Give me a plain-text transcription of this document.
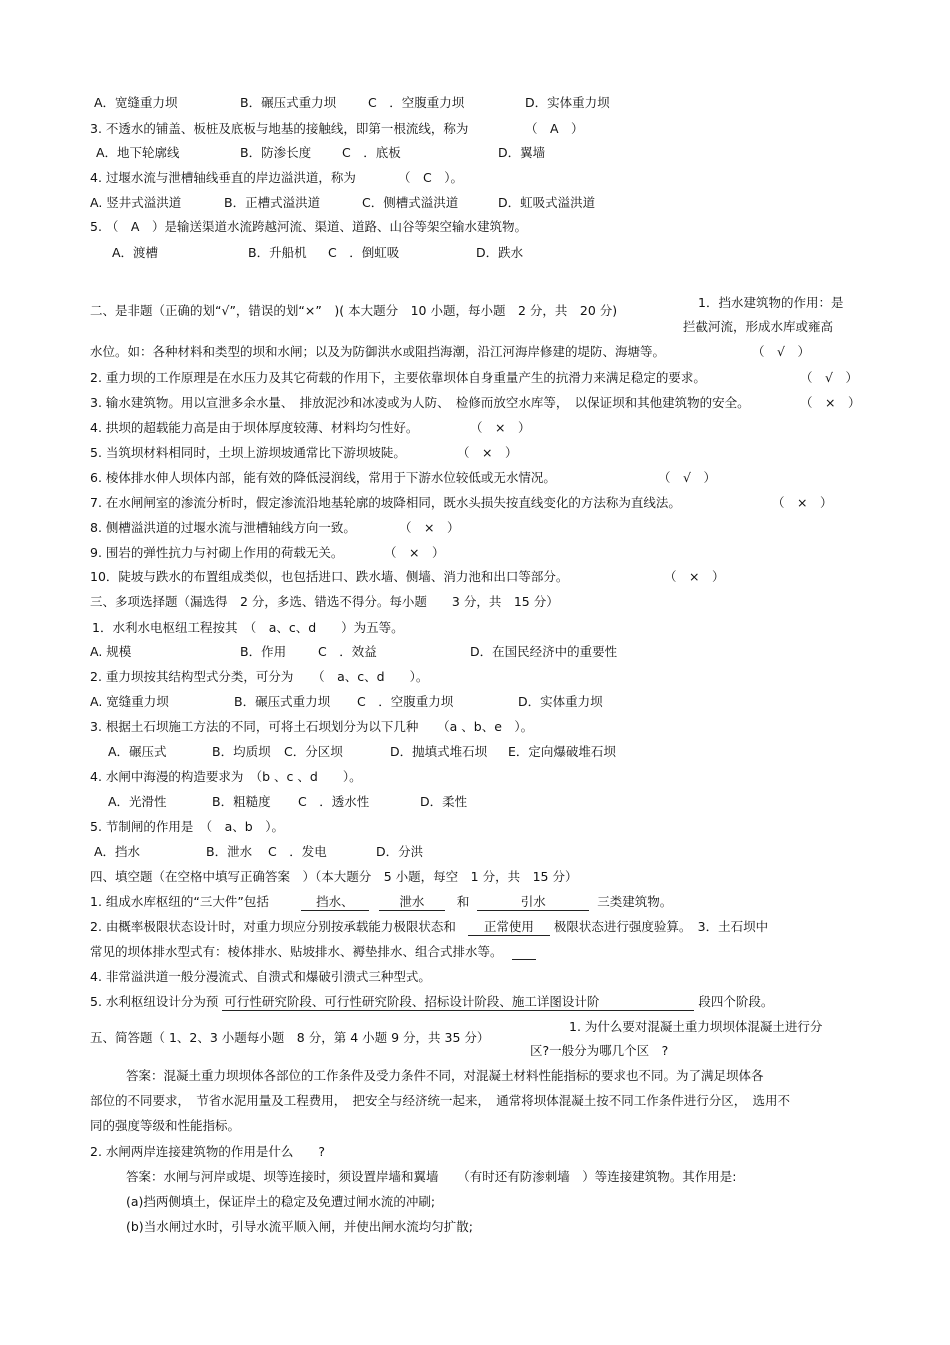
A．宽缝重力坝	B．碾压式重力坝	C　．空腹重力坝	D．实体重力坝
3. 不透水的铺盖、板桩及底板与地基的接触线，即第一根流线，称为	（　A　）
A．地下轮廓线	B．防渗长度 C　．底板	D．翼墙
4. 过堰水流与泄槽轴线垂直的岸边溢洪道，称为	（　C　）。
A. 竖井式溢洪道	B．正槽式溢洪道	C．侧槽式溢洪道	D．虹吸式溢洪道
5. （　A　）是输送渠道水流跨越河流、渠道、道路、山谷等架空输水建筑物。
A．渡槽	B．升船机 C　．倒虹吸	D．跌水
二、是非题（正确的划“√”，错误的划“×”　)( 本大题分　10 小题，每小题　2 分，共　20 分)
1．挡水建筑物的作用：是
拦截河流，形成水库或雍高
水位。如：各种材料和类型的坝和水闸；以及为防御洪水或阻挡海潮，沿江河海岸修建的堤防、海塘等。	（　√　）
2. 重力坝的工作原理是在水压力及其它荷载的作用下，主要依靠坝体自身重量产生的抗滑力来满足稳定的要求。	（　√　）
3. 输水建筑物。用以宣泄多余水量、　排放泥沙和冰凌或为人防、　检修而放空水库等，　以保证坝和其他建筑物的安全。	（　×　）
4. 拱坝的超载能力高是由于坝体厚度较薄、材料均匀性好。	（　×　）
5. 当筑坝材料相同时，土坝上游坝坡通常比下游坝坡陡。	（　×　）
6. 棱体排水伸人坝体内部，能有效的降低浸润线，常用于下游水位较低或无水情况。	（　√　）
7. 在水闸闸室的渗流分析时，假定渗流沿地基轮廓的坡降相同，既水头损失按直线变化的方法称为直线法。	（　×　）
8. 侧槽溢洪道的过堰水流与泄槽轴线方向一致。	（　×　）
9. 围岩的弹性抗力与衬砌上作用的荷载无关。	（　×　）
10．陡坡与跌水的布置组成类似，也包括进口、跌水墙、侧墙、消力池和出口等部分。	（　×　）
三、多项选择题（漏选得　2 分，多选、错选不得分。每小题　　3 分，共　15 分）
1．水利水电枢纽工程按其　（　a、c、d　　）为五等。
A. 规模	B．作用	C　．效益	D．在国民经济中的重要性
2. 重力坝按其结构型式分类，可分为　　（　a、c、d　　）。
A. 宽缝重力坝	B．碾压式重力坝 C　．空腹重力坝	D．实体重力坝
3. 根据土石坝施工方法的不同，可将土石坝划分为以下几种　　（a 、b、e　）。
A．碾压式	B．均质坝 C．分区坝	D．抛填式堆石坝 E．定向爆破堆石坝
4. 水闸中海漫的构造要求为　（b 、c 、d　　）。
A．光滑性	B．粗糙度 C　．透水性	D．柔性
5. 节制闸的作用是　（　a、b　）。
A．挡水	B．泄水 C　．发电	D．分洪
四、填空题（在空格中填写正确答案　）（本大题分　5 小题，每空　1 分，共　15 分）
1. 组成水库枢纽的“三大件”包括	挡水、	泄水	和	引水	三类建筑物。
2. 由概率极限状态设计时，对重力坝应分别按承载能力极限状态和 正常使用 极限状态进行强度验算。　3．土石坝中
常见的坝体排水型式有：棱体排水、贴坡排水、褥垫排水、组合式排水等。
4. 非常溢洪道一般分漫流式、自溃式和爆破引溃式三种型式。
5. 水利枢纽设计分为预 可行性研究阶段、可行性研究阶段、招标设计阶段、施工详图设计阶	段四个阶段。
五、简答题（ 1、2、3 小题每小题　8 分，第 4 小题 9 分，共 35 分）
1. 为什么要对混凝土重力坝坝体混凝土进行分
区?一般分为哪几个区　?
答案：混凝土重力坝坝体各部位的工作条件及受力条件不同，对混凝土材料性能指标的要求也不同。为了满足坝体各
部位的不同要求，　节省水泥用量及工程费用，　把安全与经济统一起来，　通常将坝体混凝土按不同工作条件进行分区，　选用不
同的强度等级和性能指标。
2. 水闸两岸连接建筑物的作用是什么　　?
答案：水闸与河岸或堤、坝等连接时，须设置岸墙和翼墙　　（有时还有防渗刺墙　）等连接建筑物。其作用是:
(a)挡两侧填土，保证岸土的稳定及免遭过闸水流的冲刷;
(b)当水闸过水时，引导水流平顺入闸，并使出闸水流均匀扩散;
